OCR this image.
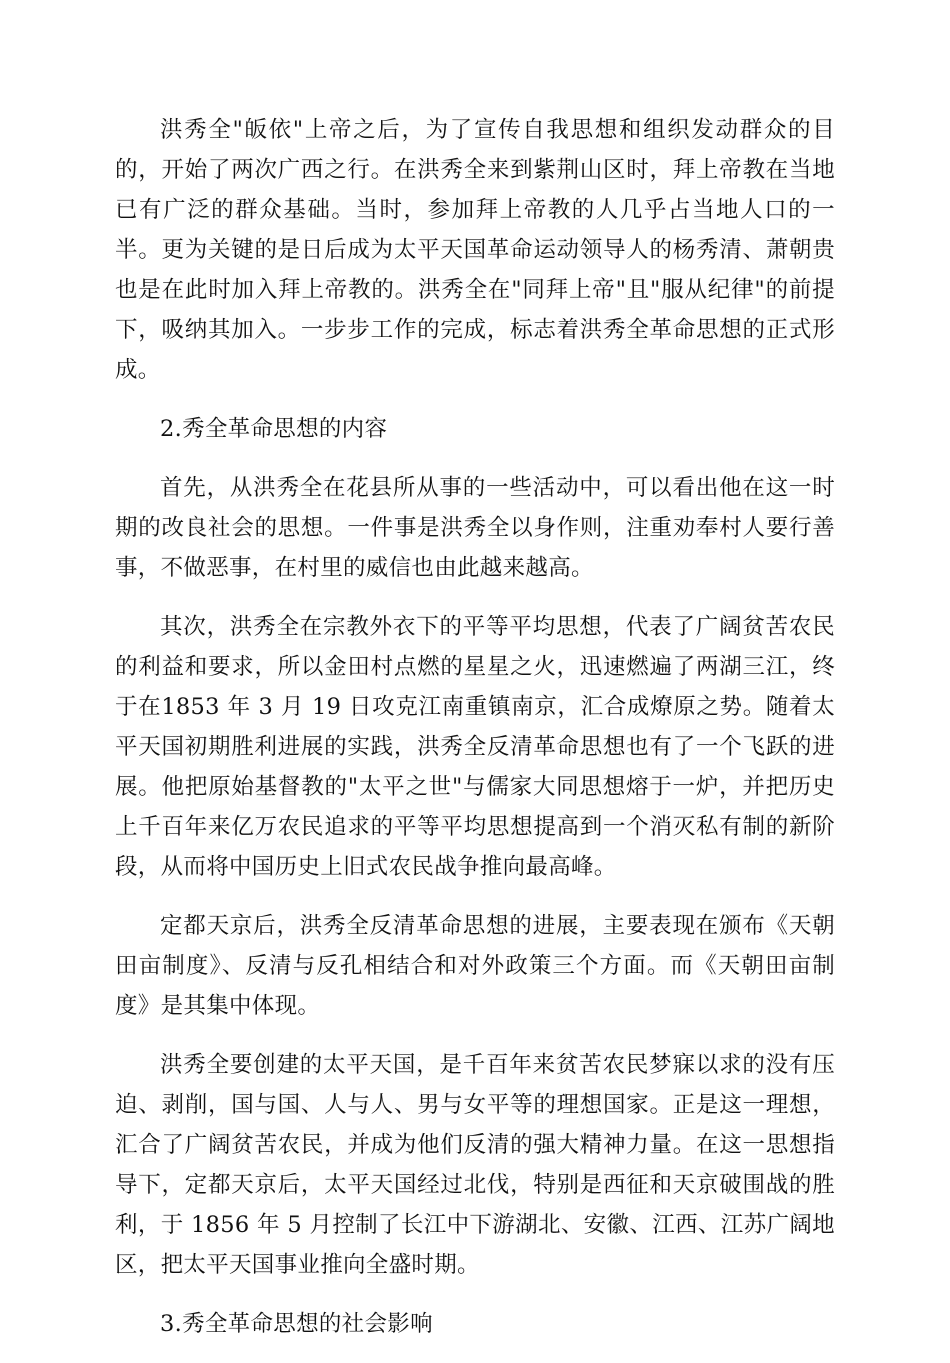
洪秀全"皈依"上帝之后，为了宣传自我思想和组织发动群众的目的，开始了两次广西之行。在洪秀全来到紫荆山区时，拜上帝教在当地已有广泛的群众基础。当时，参加拜上帝教的人几乎占当地人口的一半。更为关键的是日后成为太平天国革命运动领导人的杨秀清、萧朝贵也是在此时加入拜上帝教的。洪秀全在"同拜上帝"且"服从纪律"的前提下，吸纳其加入。一步步工作的完成，标志着洪秀全革命思想的正式形成。

2.秀全革命思想的内容

首先，从洪秀全在花县所从事的一些活动中，可以看出他在这一时期的改良社会的思想。一件事是洪秀全以身作则，注重劝奉村人要行善事，不做恶事，在村里的威信也由此越来越高。

其次，洪秀全在宗教外衣下的平等平均思想，代表了广阔贫苦农民的利益和要求，所以金田村点燃的星星之火，迅速燃遍了两湖三江，终于在1853 年 3 月 19 日攻克江南重镇南京，汇合成燎原之势。随着太平天国初期胜利进展的实践，洪秀全反清革命思想也有了一个飞跃的进展。他把原始基督教的"太平之世"与儒家大同思想熔于一炉，并把历史上千百年来亿万农民追求的平等平均思想提高到一个消灭私有制的新阶段，从而将中国历史上旧式农民战争推向最高峰。

定都天京后，洪秀全反清革命思想的进展，主要表现在颁布《天朝田亩制度》、反清与反孔相结合和对外政策三个方面。而《天朝田亩制度》是其集中体现。

洪秀全要创建的太平天国，是千百年来贫苦农民梦寐以求的没有压迫、剥削，国与国、人与人、男与女平等的理想国家。正是这一理想，汇合了广阔贫苦农民，并成为他们反清的强大精神力量。在这一思想指导下，定都天京后，太平天国经过北伐，特别是西征和天京破围战的胜利，于 1856 年 5 月控制了长江中下游湖北、安徽、江西、江苏广阔地区，把太平天国事业推向全盛时期。

3.秀全革命思想的社会影响
